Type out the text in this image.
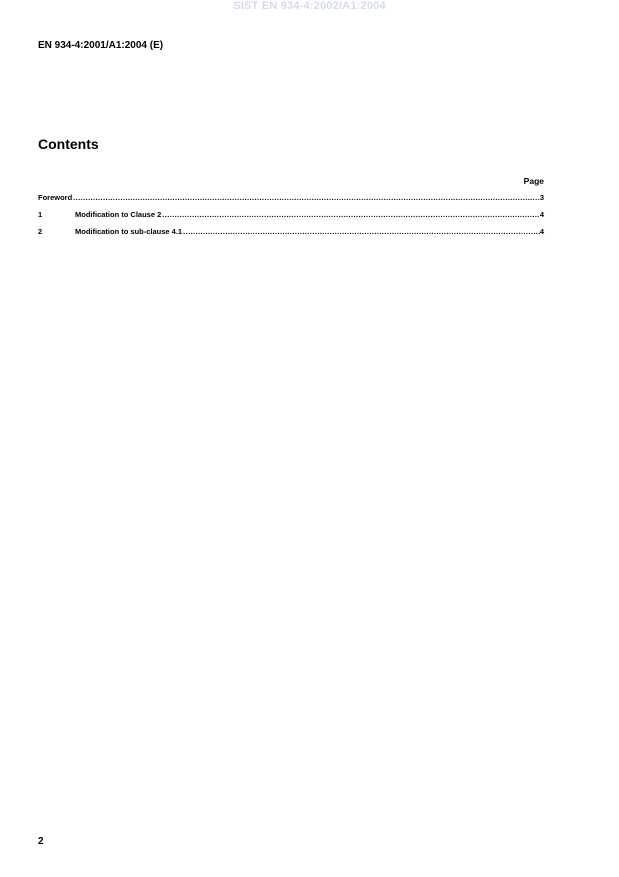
SIST EN 934-4:2002/A1:2004
EN 934-4:2001/A1:2004 (E)
Contents
Page
Foreword .....	3
1	Modification to Clause 2 .....	4
2	Modification to sub-clause 4.1 .....	4
2
